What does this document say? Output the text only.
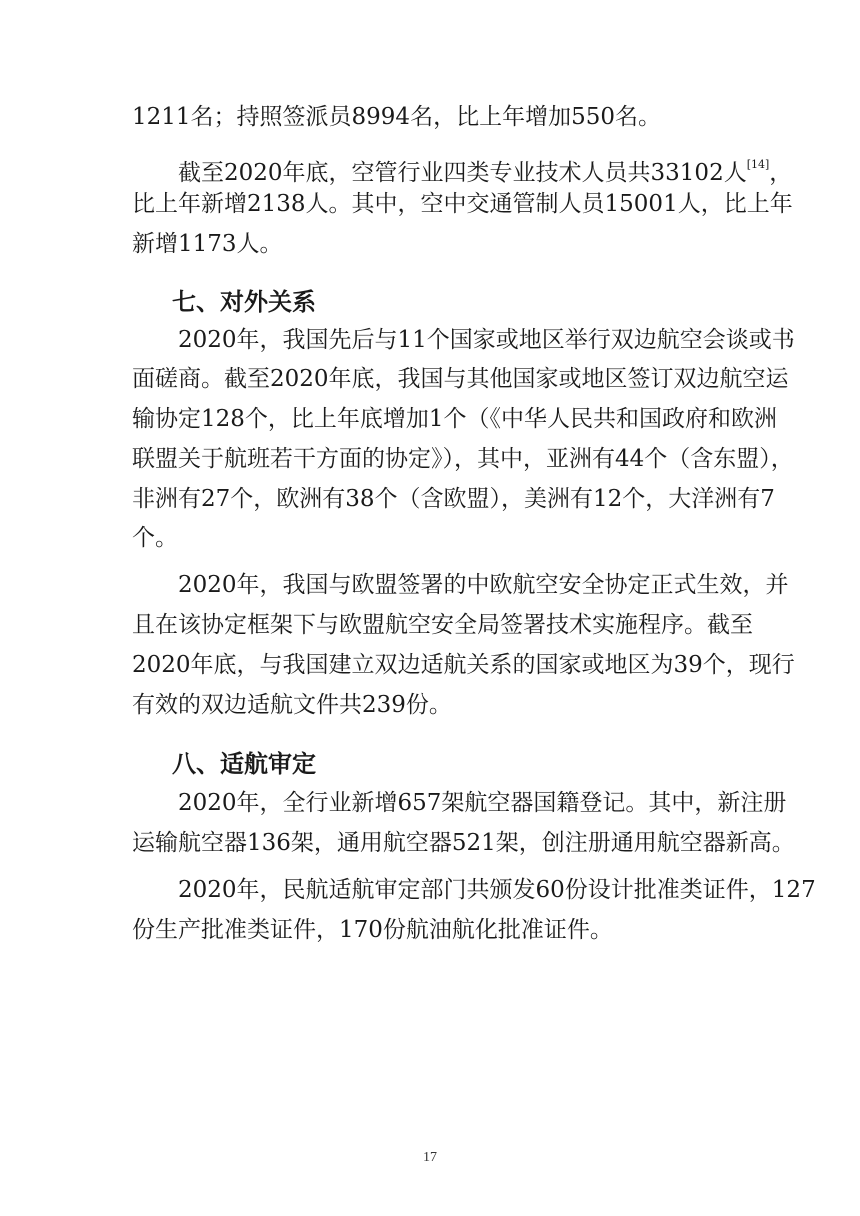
1211名；持照签派员8994名，比上年增加550名。
截至2020年底，空管行业四类专业技术人员共33102人[14]，
比上年新增2138人。其中，空中交通管制人员15001人，比上年
新增1173人。
七、对外关系
2020年，我国先后与11个国家或地区举行双边航空会谈或书
面磋商。截至2020年底，我国与其他国家或地区签订双边航空运
输协定128个，比上年底增加1个（《中华人民共和国政府和欧洲
联盟关于航班若干方面的协定》），其中，亚洲有44个（含东盟），
非洲有27个，欧洲有38个（含欧盟），美洲有12个，大洋洲有7
个。
2020年，我国与欧盟签署的中欧航空安全协定正式生效，并
且在该协定框架下与欧盟航空安全局签署技术实施程序。截至
2020年底，与我国建立双边适航关系的国家或地区为39个，现行
有效的双边适航文件共239份。
八、适航审定
2020年，全行业新增657架航空器国籍登记。其中，新注册
运输航空器136架，通用航空器521架，创注册通用航空器新高。
2020年，民航适航审定部门共颁发60份设计批准类证件，127
份生产批准类证件，170份航油航化批准证件。
17
